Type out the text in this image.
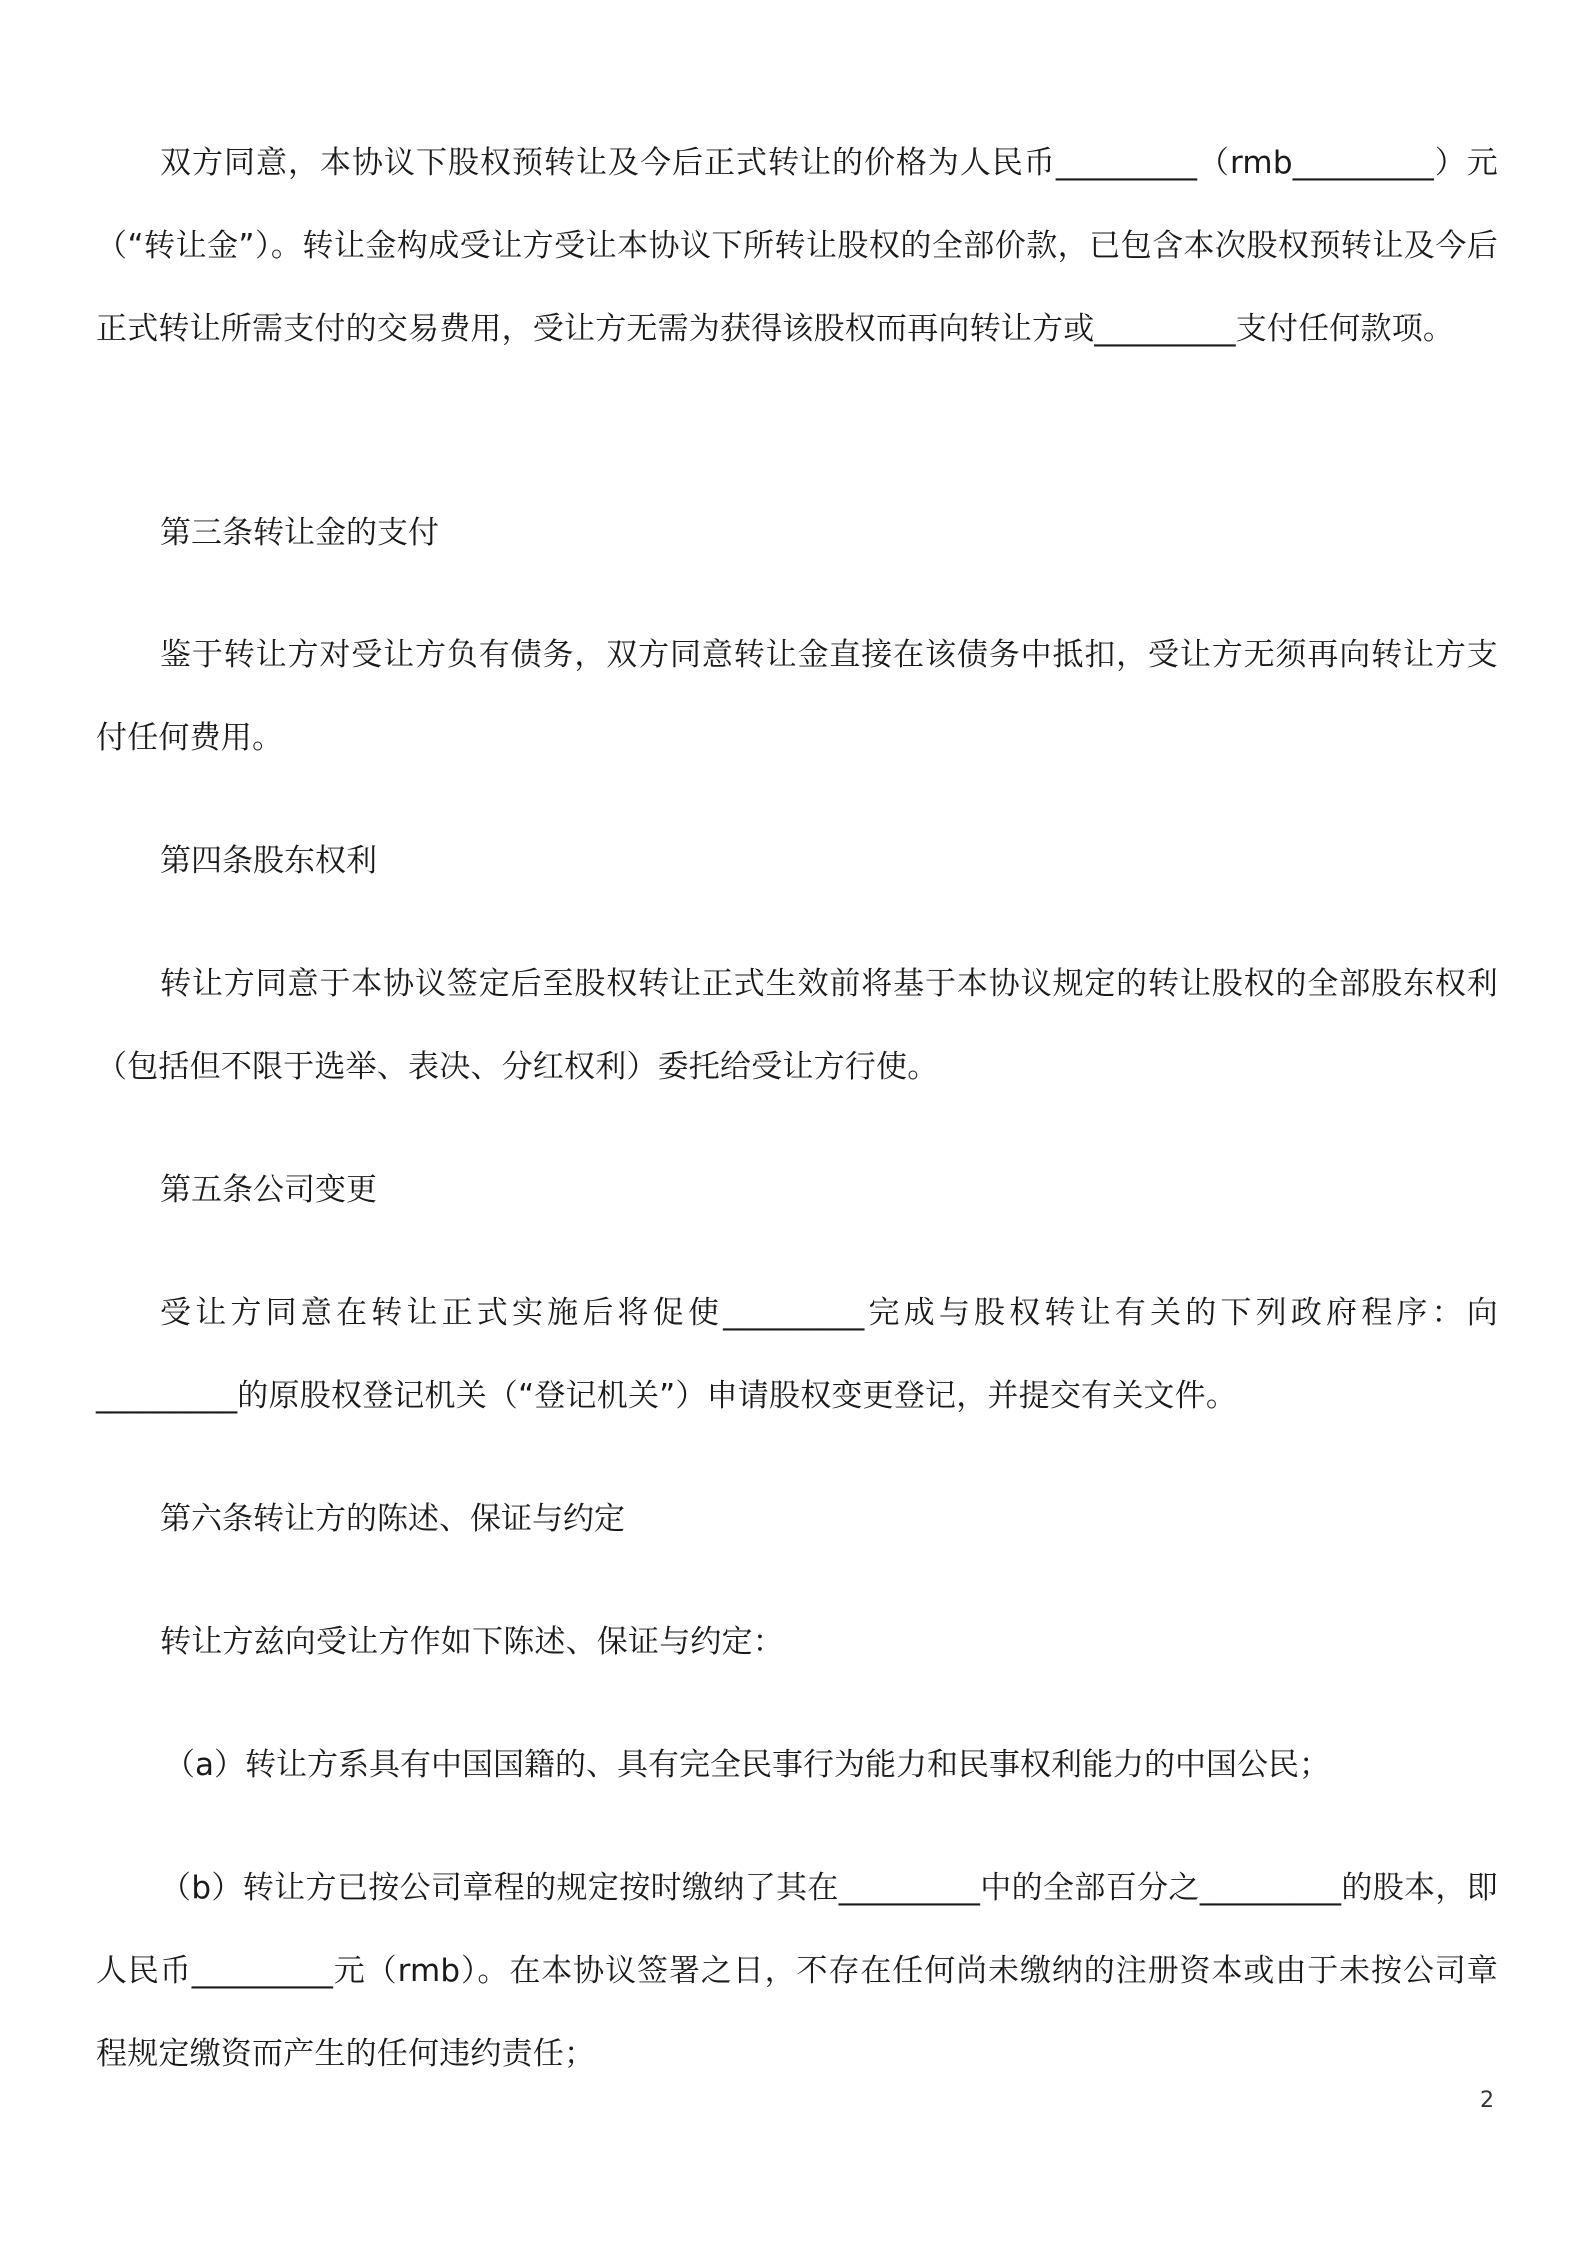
双方同意，本协议下股权预转让及今后正式转让的价格为人民币_________（rmb_________）元（“转让金”）。转让金构成受让方受让本协议下所转让股权的全部价款，已包含本次股权预转让及今后正式转让所需支付的交易费用，受让方无需为获得该股权而再向转让方或_________支付任何款项。

第三条转让金的支付

鉴于转让方对受让方负有债务，双方同意转让金直接在该债务中抵扣，受让方无须再向转让方支付任何费用。

第四条股东权利

转让方同意于本协议签定后至股权转让正式生效前将基于本协议规定的转让股权的全部股东权利（包括但不限于选举、表决、分红权利）委托给受让方行使。

第五条公司变更

受让方同意在转让正式实施后将促使_________完成与股权转让有关的下列政府程序：向_________的原股权登记机关（“登记机关”）申请股权变更登记，并提交有关文件。

第六条转让方的陈述、保证与约定

转让方兹向受让方作如下陈述、保证与约定：

（a）转让方系具有中国国籍的、具有完全民事行为能力和民事权利能力的中国公民；

（b）转让方已按公司章程的规定按时缴纳了其在_________中的全部百分之_________的股本，即人民币_________元（rmb）。在本协议签署之日，不存在任何尚未缴纳的注册资本或由于未按公司章程规定缴资而产生的任何违约责任；

2
